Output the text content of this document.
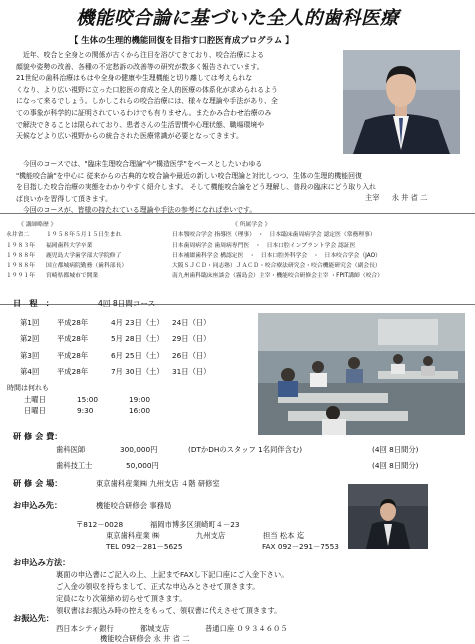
機能咬合論に基づいた全人的歯科医療
【 生体の生理的機能回復を目指す口腔医育成プログラム 】

　近年、咬合と全身との関係が古くから注目を浴びてきており、咬合治療による

顔貌や姿勢の改善、各種の不定愁訴の改善等の研究が数多く報告されています。

21世紀の歯科治療はもはや全身の健康や生理機能と切り離しては考えられな

くなり、より広い視野に立った口腔医の育成と全人的医療の体系化が求められるよう

になって来るでしょう。しかしこれらの咬合治療には、様々な理論や手法があり、全

ての事象が科学的に証明されているわけでも有りません。またかみ合わせ治療のみ

で解決できることは限られており、患者さんの生活習慣や心理状態、職場環境や

天候などより広い視野からの統合された医療常識が必要となってきます。

　今回のコースでは、"臨床生理咬合理論"や"構造医学"をベースとしたいわゆる

"機能咬合論"を中心に 従来からの古典的な咬合論や最近の新しい咬合理論と対比しつつ、生体の生理的機能回復

を目指した咬合治療の実態をわかりやすく紹介します。 そして機能咬合論をどう理解し、普段の臨床にどう取り入れ

ば良いかを習得して頂きます。

　今回のコースが、皆様の持たれている理論や手法の参考になれば幸いです。

主宰 永 井 省 二
《 講師略歴 》
永井省二	１９５８年５月１５日生まれ
１９８３年 福岡歯科大学卒業
１９８８年 鹿児島大学歯学部大学院修了
１９８８年 国立都城病院勤務（歯科部長）
１９９１年 宮崎県都城市で開業
《 所属学会 》
日本顎咬合学会 指導医（理事）　・　日本臨床歯周病学会 認定医（常務理事）
日本歯周病学会 歯周病専門医　・　日本口腔インプラント学会 認証医
日本補綴歯科学会 構認定医　・　日本口腔外科学会　・　日本咬合学会（JAO）
大阪ＳＪＣＤ・同志塾）ＪＡＣＤ・咬合療法研究会・咬合機能研究会（副会長）
南九州歯科臨床座談会（霧島会）主宰・機能咬合研修会主宰 ・FPIT講師（咬合）
日　程　：	4回 8日間コース
第1回 平成28年	4月 23日（土） 24日（日）
第2回 平成28年	5月 28日（土） 29日（日）
第3回 平成28年	6月 25日（土） 26日（日）
第4回 平成28年	7月 30日（土） 31日（日）
時間は何れも
土曜日	15:00	19:00
日曜日	9:30	16:00
研 修 会 費：
歯科医師	300,000円	(DTかDHのスタッフ 1名同伴含む)	(4回 8日間分)
歯科技工士	50,000円	(4回 8日間分)
研 修 会 場：	東京歯科産業㈱ 九州支店 ４階 研修室
お申込み先：	機能咬合研修会 事務局
〒812－0028	福岡市博多区須崎町４－23
東京歯科産業 ㈱	九州支店	担当 松本 迄
TEL 092－281－5625	FAX 092－291－7553
お申込み方法：
裏面の申込書にご記入の上、上記までFAXし下記口座にご入金下さい。
ご入金の領収を持ちまして、正式な申込みとさせて頂きます。
定員になり次第締め切らせて頂きます。
領収書はお振込み時の控えをもって、領収書に代えさせて頂きます。
お振込先：
西日本シティ銀行	都城支店	普通口座 ０９３４６０５
機能咬合研修会 永 井 省 二
